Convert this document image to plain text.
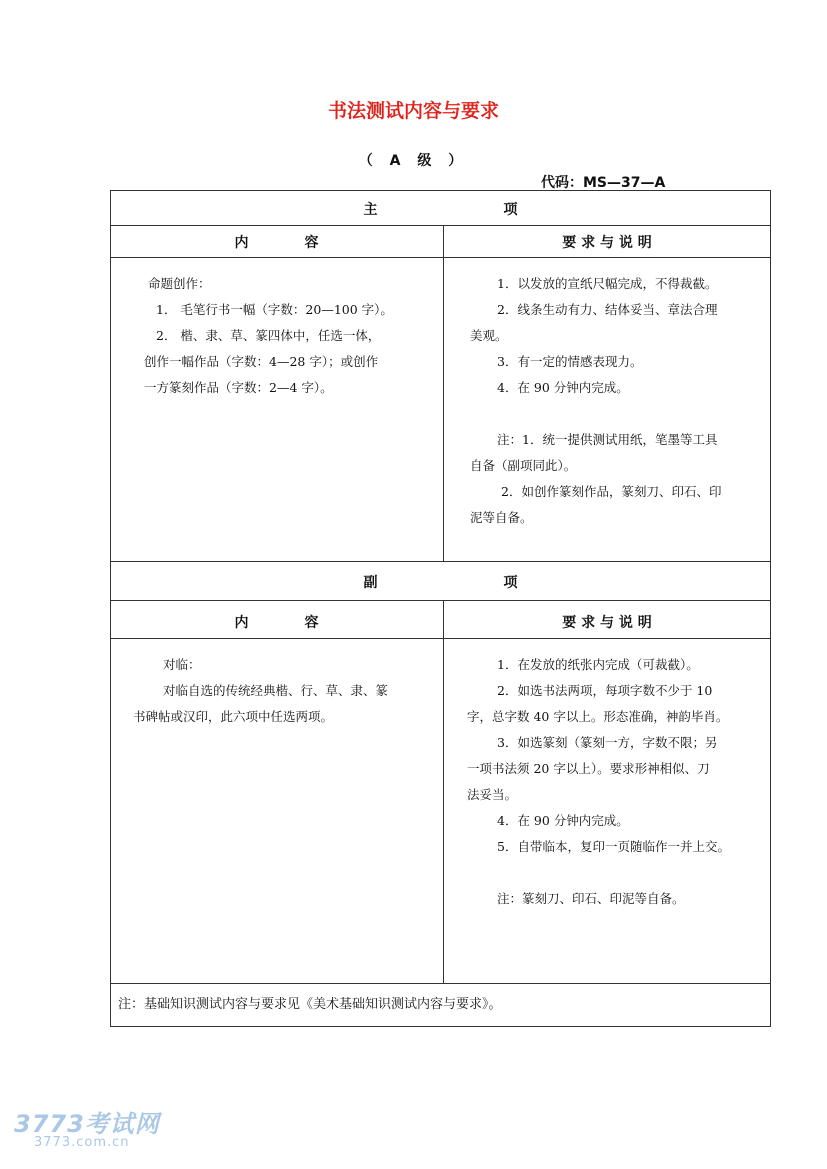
书法测试内容与要求
（ A 级 ）
代码：MS—37—A
主　　　　　　　　　项
内　　　　容	要 求 与 说 明

命题创作：

1． 毛笔行书一幅（字数：20—100 字）。

2． 楷、隶、草、篆四体中，任选一体，

创作一幅作品（字数：4—28 字）；或创作

一方篆刻作品（字数：2—4 字）。

1．以发放的宣纸尺幅完成，不得裁截。

2．线条生动有力、结体妥当、章法合理

美观。

3．有一定的情感表现力。

4．在 90 分钟内完成。

注：1．统一提供测试用纸，笔墨等工具

自备（副项同此）。

2．如创作篆刻作品，篆刻刀、印石、印

泥等自备。

副　　　　　　　　　项
内　　　　容	要 求 与 说 明

对临：

对临自选的传统经典楷、行、草、隶、篆

书碑帖或汉印，此六项中任选两项。

1．在发放的纸张内完成（可裁截）。

2．如选书法两项，每项字数不少于 10

字，总字数 40 字以上。形态准确，神韵毕肖。

3．如选篆刻（篆刻一方，字数不限；另

一项书法须 20 字以上）。要求形神相似、刀

法妥当。

4．在 90 分钟内完成。

5．自带临本，复印一页随临作一并上交。

注：篆刻刀、印石、印泥等自备。

注：基础知识测试内容与要求见《美术基础知识测试内容与要求》。
3773考试网
3773.com.cn
